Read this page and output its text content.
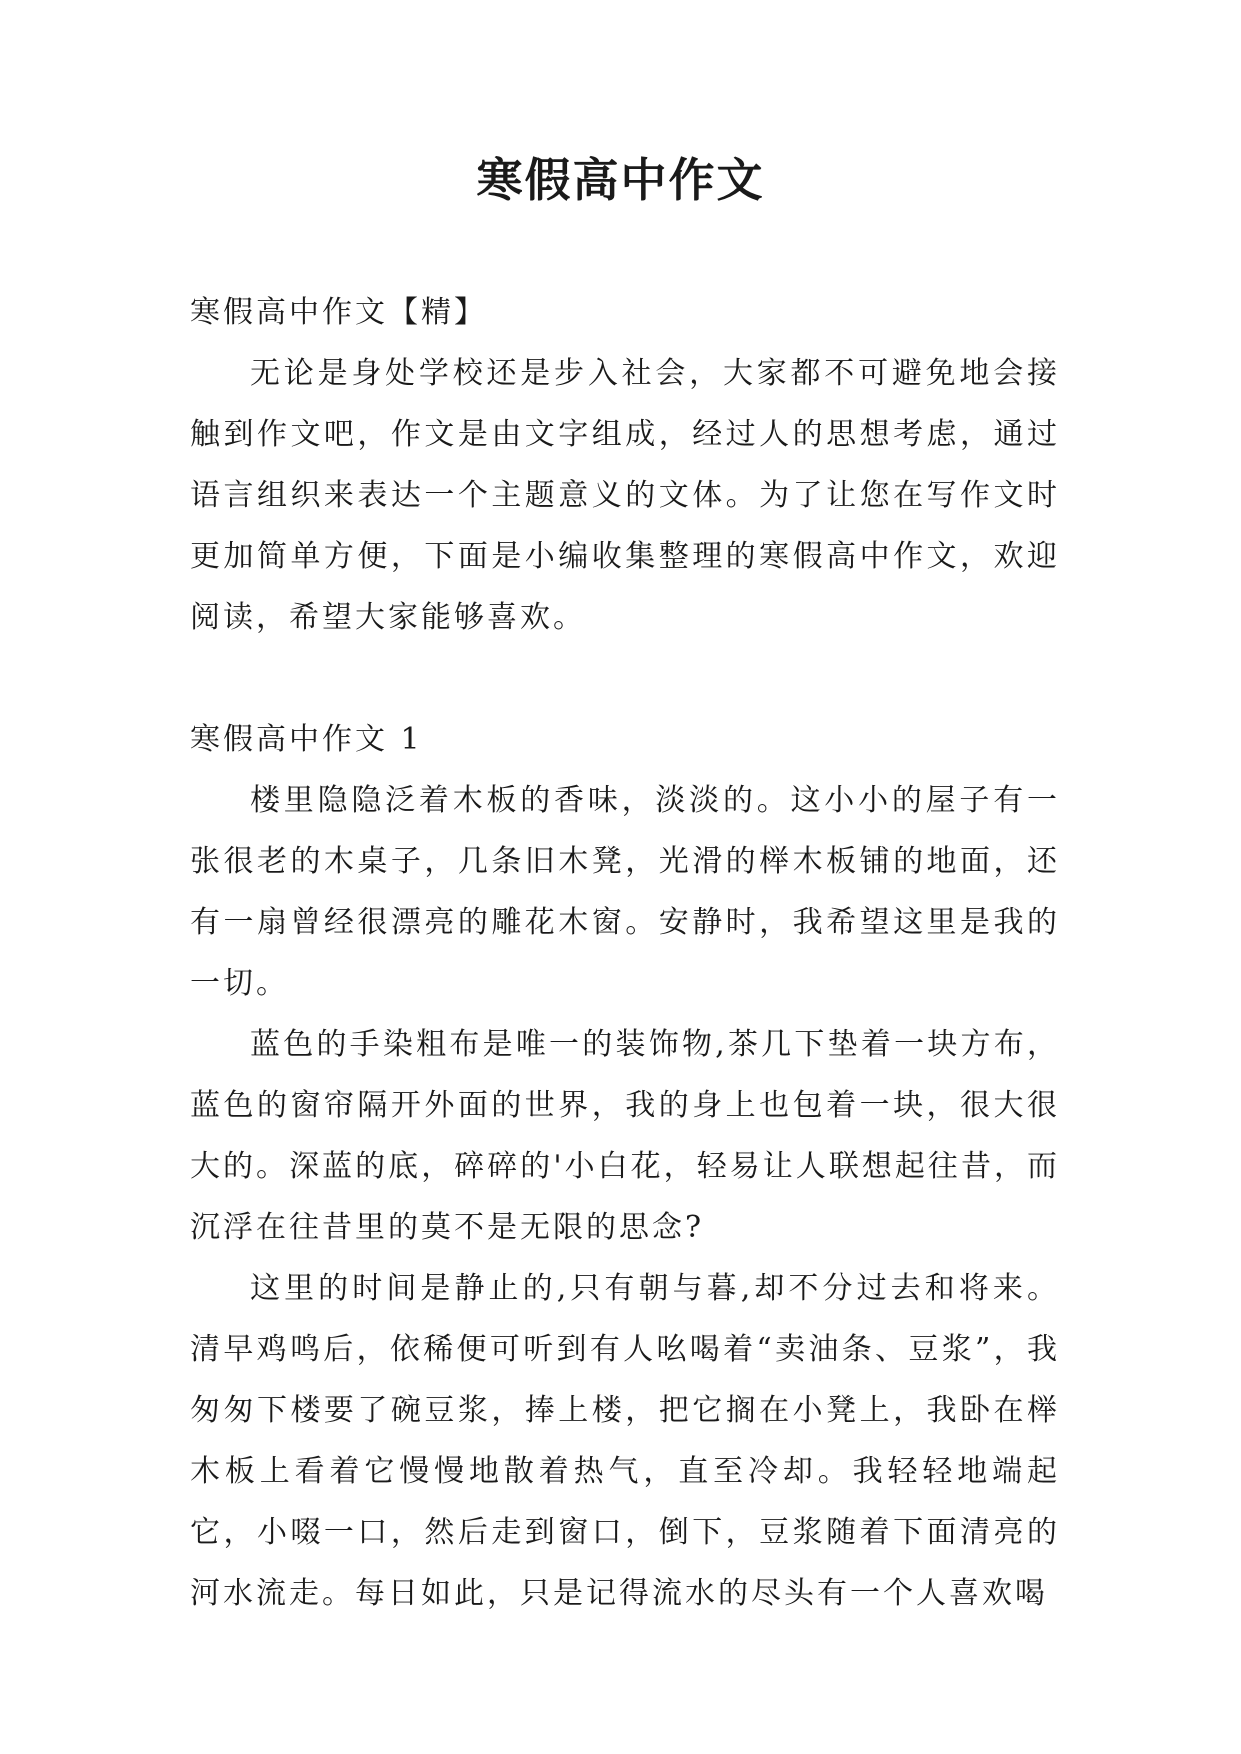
寒假高中作文

寒假高中作文【精】

无论是身处学校还是步入社会，大家都不可避免地会接触到作文吧，作文是由文字组成，经过人的思想考虑，通过语言组织来表达一个主题意义的文体。为了让您在写作文时更加简单方便，下面是小编收集整理的寒假高中作文，欢迎阅读，希望大家能够喜欢。

寒假高中作文 1

楼里隐隐泛着木板的香味，淡淡的。这小小的屋子有一张很老的木桌子，几条旧木凳，光滑的榉木板铺的地面，还有一扇曾经很漂亮的雕花木窗。安静时，我希望这里是我的一切。

蓝色的手染粗布是唯一的装饰物,茶几下垫着一块方布，蓝色的窗帘隔开外面的世界，我的身上也包着一块，很大很大的。深蓝的底，碎碎的'小白花，轻易让人联想起往昔，而沉浮在往昔里的莫不是无限的思念?

这里的时间是静止的,只有朝与暮,却不分过去和将来。清早鸡鸣后，依稀便可听到有人吆喝着“卖油条、豆浆”，我匆匆下楼要了碗豆浆，捧上楼，把它搁在小凳上，我卧在榉木板上看着它慢慢地散着热气，直至冷却。我轻轻地端起它，小啜一口，然后走到窗口，倒下，豆浆随着下面清亮的河水流走。每日如此，只是记得流水的尽头有一个人喜欢喝
